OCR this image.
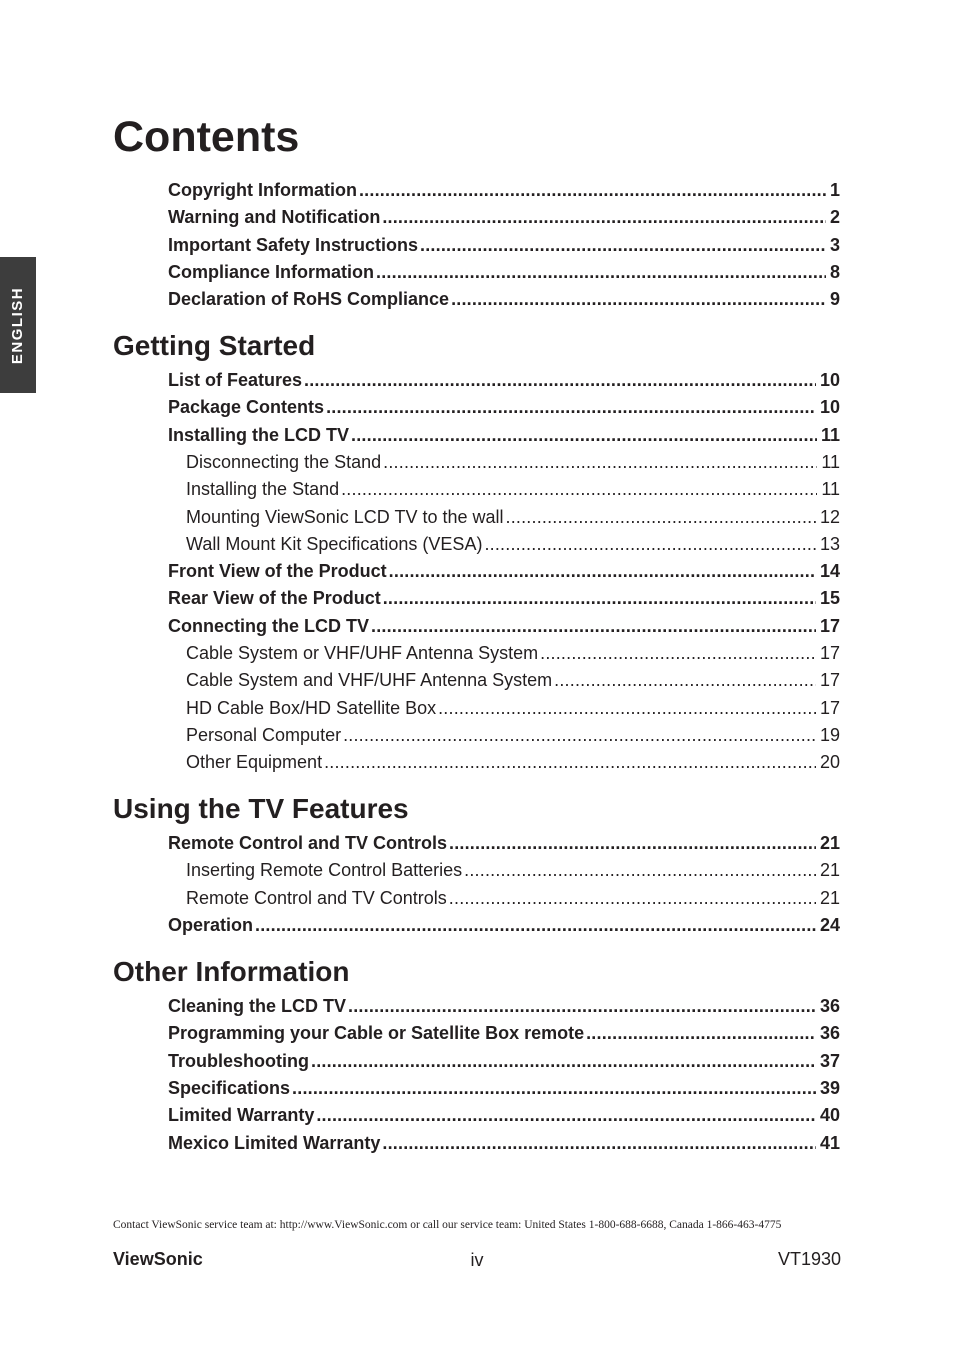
ENGLISH
Contents
Copyright Information .....	1
Warning and Notification .....	2
Important Safety Instructions .....	3
Compliance Information .....	8
Declaration of RoHS Compliance .....	9
Getting Started
List of Features .....	10
Package Contents .....	10
Installing the LCD TV .....	11
Disconnecting the Stand .....	11
Installing the Stand .....	11
Mounting ViewSonic LCD TV to the wall .....	12
Wall Mount Kit Specifications (VESA) .....	13
Front View of the Product .....	14
Rear View of the Product .....	15
Connecting the LCD TV .....	17
Cable System or VHF/UHF Antenna System .....	17
Cable System and VHF/UHF Antenna System .....	17
HD Cable Box/HD Satellite Box .....	17
Personal Computer .....	19
Other Equipment .....	20
Using the TV Features
Remote Control and TV Controls .....	21
Inserting Remote Control Batteries .....	21
Remote Control and TV Controls .....	21
Operation .....	24
Other Information
Cleaning the LCD TV .....	36
Programming your Cable or Satellite Box remote .....	36
Troubleshooting .....	37
Specifications .....	39
Limited Warranty .....	40
Mexico Limited Warranty .....	41
Contact ViewSonic service team at: http://www.ViewSonic.com or call our service team: United States 1-800-688-6688, Canada 1-866-463-4775
ViewSonic	iv	VT1930
